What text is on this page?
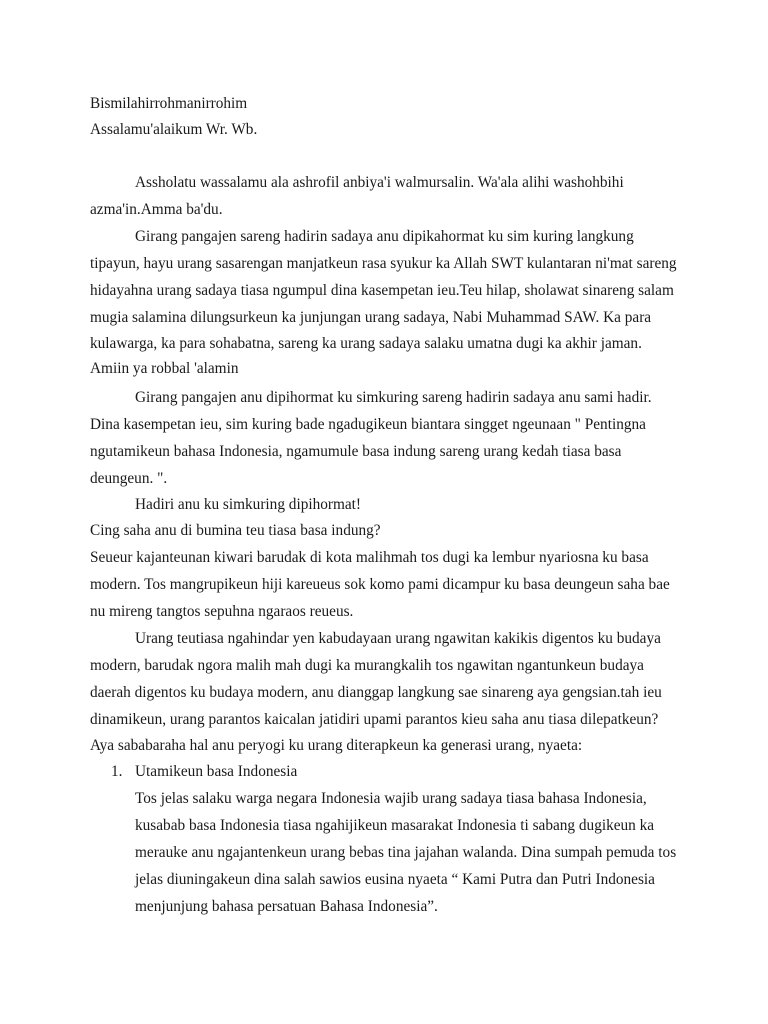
Bismilahirrohmanirrohim
Assalamu'alaikum Wr. Wb.
Assholatu wassalamu ala ashrofil anbiya'i walmursalin. Wa'ala alihi washohbihi
azma'in.Amma ba'du.
Girang pangajen sareng hadirin sadaya anu dipikahormat ku sim kuring langkung
tipayun, hayu urang sasarengan manjatkeun rasa syukur ka Allah SWT kulantaran ni'mat sareng
hidayahna urang sadaya tiasa ngumpul dina kasempetan ieu.Teu hilap, sholawat sinareng salam
mugia salamina dilungsurkeun ka junjungan urang sadaya, Nabi Muhammad SAW. Ka para
kulawarga, ka para sohabatna, sareng ka urang sadaya salaku umatna dugi ka akhir jaman.
Amiin ya robbal 'alamin
Girang pangajen anu dipihormat ku simkuring sareng hadirin sadaya anu sami hadir.
Dina kasempetan ieu, sim kuring bade ngadugikeun biantara singget ngeunaan " Pentingna
ngutamikeun bahasa Indonesia, ngamumule basa indung sareng urang kedah tiasa basa
deungeun. ".
Hadiri anu ku simkuring dipihormat!
Cing saha anu di bumina teu tiasa basa indung?
Seueur kajanteunan kiwari barudak di kota malihmah tos dugi ka lembur nyariosna ku basa
modern. Tos mangrupikeun hiji kareueus sok komo pami dicampur ku basa deungeun saha bae
nu mireng tangtos sepuhna ngaraos reueus.
Urang teutiasa ngahindar yen kabudayaan urang ngawitan kakikis digentos ku budaya
modern, barudak ngora malih mah dugi ka murangkalih tos ngawitan ngantunkeun budaya
daerah digentos ku budaya modern, anu dianggap langkung sae sinareng aya gengsian.tah ieu
dinamikeun, urang parantos kaicalan jatidiri upami parantos kieu saha anu tiasa dilepatkeun?
Aya sababaraha hal anu peryogi ku urang diterapkeun ka generasi urang, nyaeta:
1. Utamikeun basa Indonesia
Tos jelas salaku warga negara Indonesia wajib urang sadaya tiasa bahasa Indonesia,
kusabab basa Indonesia tiasa ngahijikeun masarakat Indonesia ti sabang dugikeun ka
merauke anu ngajantenkeun urang bebas tina jajahan walanda. Dina sumpah pemuda tos
jelas diuningakeun dina salah sawios eusina nyaeta “ Kami Putra dan Putri Indonesia
menjunjung bahasa persatuan Bahasa Indonesia”.
